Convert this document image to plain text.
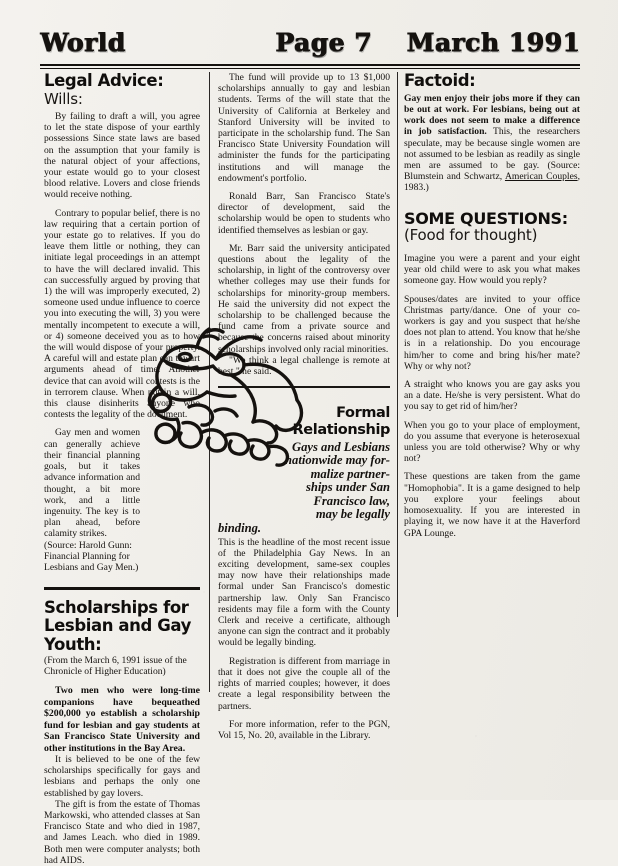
World	Page 7 March 1991
Legal Advice:
Wills:

By failing to draft a will, you agree to let the state dispose of your earthly possessions Since state laws are based on the assumption that your family is the natural object of your affections, your estate would go to your closest blood relative. Lovers and close friends would receive nothing.

Contrary to popular belief, there is no law requiring that a certain portion of your estate go to relatives. If you do leave them little or nothing, they can initiate legal proceedings in an attempt to have the will declared invalid. This can successfully argued by proving that 1) the will was improperly executed, 2) someone used undue influence to coerce you into executing the will, 3) you were mentally incompetent to execute a will, or 4) someone deceived you as to how the will would dispose of your property. A careful will and estate plan can thwart arguments ahead of time. Another device that can avoid will contests is the in terrorem clause. When put in a will, this clause disinherits anyone who contests the legality of the document.

Gay men and women can generally achieve their financial planning goals, but it takes advance information and thought, a bit more work, and a little ingenuity. The key is to plan ahead, before calamity strikes.

(Source: Harold Gunn: Financial Planning for Lesbians and Gay Men.)

Scholarships for
Lesbian and Gay
Youth:

(From the March 6, 1991 issue of the Chronicle of Higher Education)

Two men who were long-time companions have bequeathed $200,000 yo establish a scholarship fund for lesbian and gay students at San Francisco State University and other institutions in the Bay Area.

It is believed to be one of the few scholarships specifically for gays and lesbians and perhaps the only one established by gay lovers.

The gift is from the estate of Thomas Markowski, who attended classes at San Francisco State and who died in 1987, and James Leach. who died in 1989. Both men were computer analysts; both had AIDS.

The fund will provide up to 13 $1,000 scholarships annually to gay and lesbian students. Terms of the will state that the University of California at Berkeley and Stanford University will be invited to participate in the scholarship fund. The San Francisco State University Foundation will administer the funds for the participating institutions and will manage the endowment's portfolio.

Ronald Barr, San Francisco State's director of development, said the scholarship would be open to students who identified themselves as lesbian or gay.

Mr. Barr said the university anticipated questions about the legality of the scholarship, in light of the controversy over whether colleges may use their funds for scholarships for minority-group members. He said the university did not expect the scholarship to be challenged because the fund came from a private source and because the concerns raised about minority scholarships involved only racial minorities.

"We think a legal challenge is remote at best," he said.

Formal
Relationship
Gays and Lesbians
nationwide may for-
malize partner-
ships under San
Francisco law,
may be legally
binding.

This is the headline of the most recent issue of the Philadelphia Gay News. In an exciting development, same-sex couples may now have their relationships made formal under San Francisco's domestic partnership law. Only San Francisco residents may file a form with the County Clerk and receive a certificate, although anyone can sign the contract and it probably would be legally binding.

Registration is different from marriage in that it does not give the couple all of the rights of married couples; however, it does create a legal responsibility between the partners.

For more information, refer to the PGN, Vol 15, No. 20, available in the Library.

Factoid:

Gay men enjoy their jobs more if they can be out at work. For lesbians, being out at work does not seem to make a difference in job satisfaction. This, the researchers speculate, may be because single women are not assumed to be lesbian as readily as single men are assumed to be gay. (Source: Blumstein and Schwartz, American Couples, 1983.)

SOME QUESTIONS:
(Food for thought)

Imagine you were a parent and your eight year old child were to ask you what makes someone gay. How would you reply?

Spouses/dates are invited to your office Christmas party/dance. One of your co-workers is gay and you suspect that he/she does not plan to attend. You know that he/she is in a relationship. Do you encourage him/her to come and bring his/her mate? Why or why not?

A straight who knows you are gay asks you an a date. He/she is very persistent. What do you say to get rid of him/her?

When you go to your place of employment, do you assume that everyone is heterosexual unless you are told otherwise? Why or why not?

These questions are taken from the game "Homophobia". It is a game designed to help you explore your feelings about homosexuality. If you are interested in playing it, we now have it at the Haverford GPA Lounge.
